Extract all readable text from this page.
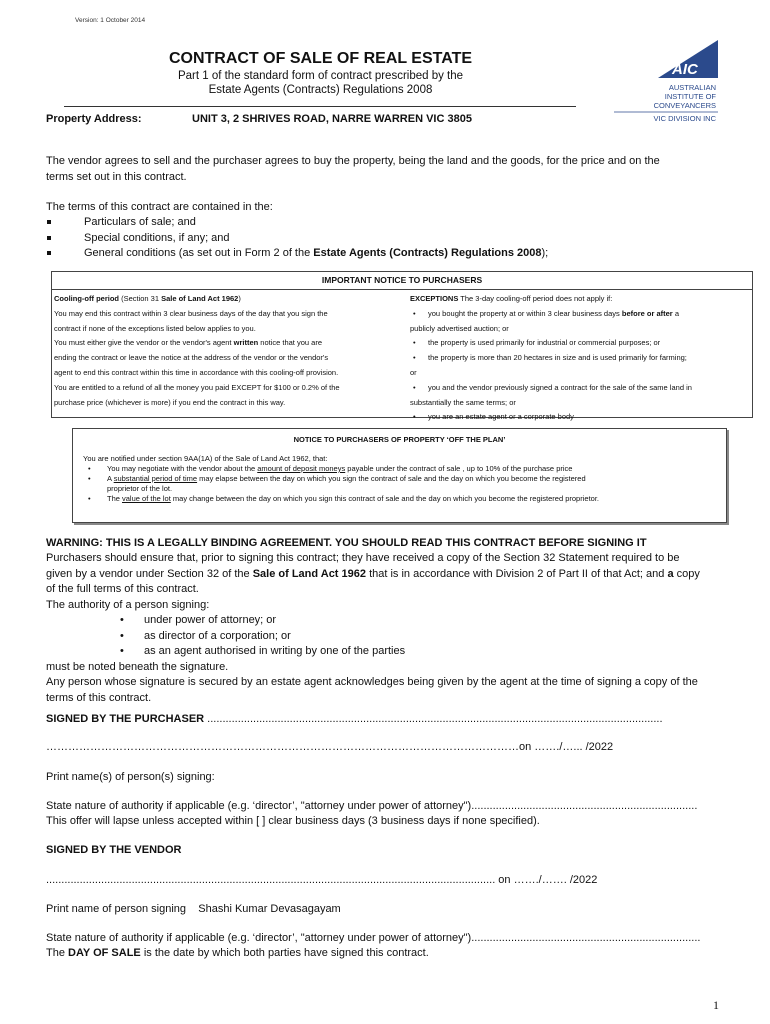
Version: 1 October 2014
CONTRACT OF SALE OF REAL ESTATE
Part 1 of the standard form of contract prescribed by the
Estate Agents (Contracts) Regulations 2008
Property Address:	UNIT 3, 2 SHRIVES ROAD, NARRE WARREN VIC 3805
AIC
AUSTRALIAN
INSTITUTE OF
CONVEYANCERS
VIC DIVISION INC
The vendor agrees to sell and the purchaser agrees to buy the property, being the land and the goods, for the price and on the
terms set out in this contract.
The terms of this contract are contained in the:
Particulars of sale; and
Special conditions, if any; and
General conditions (as set out in Form 2 of the Estate Agents (Contracts) Regulations 2008);
IMPORTANT NOTICE TO PURCHASERS
Cooling-off period (Section 31 Sale of Land Act 1962)
You may end this contract within 3 clear business days of the day that you sign the
contract if none of the exceptions listed below applies to you.
You must either give the vendor or the vendor's agent written notice that you are
ending the contract or leave the notice at the address of the vendor or the vendor's
agent to end this contract within this time in accordance with this cooling-off provision.
You are entitled to a refund of all the money you paid EXCEPT for $100 or 0.2% of the
purchase price (whichever is more) if you end the contract in this way.
EXCEPTIONS The 3-day cooling-off period does not apply if:
• you bought the property at or within 3 clear business days before or after a
publicly advertised auction; or
• the property is used primarily for industrial or commercial purposes; or
• the property is more than 20 hectares in size and is used primarily for farming;
or
• you and the vendor previously signed a contract for the sale of the same land in
substantially the same terms; or
• you are an estate agent or a corporate body
NOTICE TO PURCHASERS OF PROPERTY ‘OFF THE PLAN’
You are notified under section 9AA(1A) of the Sale of Land Act 1962, that:
• You may negotiate with the vendor about the amount of deposit moneys payable under the contract of sale , up to 10% of the purchase price
• A substantial period of time may elapse between the day on which you sign the contract of sale and the day on which you become the registered
proprietor of the lot.
• The value of the lot may change between the day on which you sign this contract of sale and the day on which you become the registered proprietor.
WARNING: THIS IS A LEGALLY BINDING AGREEMENT. YOU SHOULD READ THIS CONTRACT BEFORE SIGNING IT
Purchasers should ensure that, prior to signing this contract; they have received a copy of the Section 32 Statement required to be
given by a vendor under Section 32 of the Sale of Land Act 1962 that is in accordance with Division 2 of Part II of that Act; and a copy
of the full terms of this contract.
The authority of a person signing:
• under power of attorney; or
• as director of a corporation; or
• as an agent authorised in writing by one of the parties
must be noted beneath the signature.
Any person whose signature is secured by an estate agent acknowledges being given by the agent at the time of signing a copy of the
terms of this contract.
SIGNED BY THE PURCHASER .....................................................................................................................................................
…………………………………………………………………………………………………………………on ……./…... /2022
Print name(s) of person(s) signing:
State nature of authority if applicable (e.g. ‘director’, "attorney under power of attorney")..........................................................................
This offer will lapse unless accepted within [ ] clear business days (3 business days if none specified).
SIGNED BY THE VENDOR
................................................................................................................................................... on ……./……. /2022
Print name of person signing Shashi Kumar Devasagayam
State nature of authority if applicable (e.g. ‘director’, "attorney under power of attorney")...........................................................................
The DAY OF SALE is the date by which both parties have signed this contract.
1
